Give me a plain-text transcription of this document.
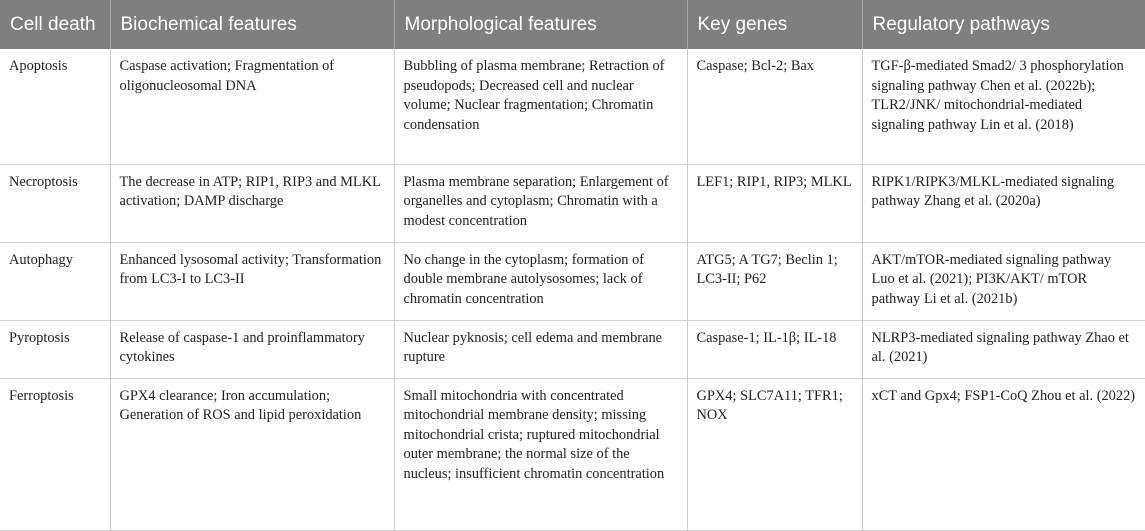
Cell death	Biochemical features	Morphological features	Key genes	Regulatory pathways
Apoptosis	Caspase activation; Fragmentation of oligonucleosomal DNA	Bubbling of plasma membrane; Retraction of pseudopods; Decreased cell and nuclear volume; Nuclear fragmentation; Chromatin condensation	Caspase; Bcl-2; Bax	TGF-β-mediated Smad2/ 3 phosphorylation signaling pathway Chen et al. (2022b); TLR2/JNK/ mitochondrial-mediated signaling pathway Lin et al. (2018)
Necroptosis	The decrease in ATP; RIP1, RIP3 and MLKL activation; DAMP discharge	Plasma membrane separation; Enlargement of organelles and cytoplasm; Chromatin with a modest concentration	LEF1; RIP1, RIP3; MLKL	RIPK1/RIPK3/MLKL-mediated signaling pathway Zhang et al. (2020a)
Autophagy	Enhanced lysosomal activity; Transformation from LC3-I to LC3-II	No change in the cytoplasm; formation of double membrane autolysosomes; lack of chromatin concentration	ATG5; A TG7; Beclin 1; LC3-II; P62	AKT/mTOR-mediated signaling pathway Luo et al. (2021); PI3K/AKT/ mTOR pathway Li et al. (2021b)
Pyroptosis	Release of caspase-1 and proinflammatory cytokines	Nuclear pyknosis; cell edema and membrane rupture	Caspase-1; IL-1β; IL-18	NLRP3-mediated signaling pathway Zhao et al. (2021)
Ferroptosis	GPX4 clearance; Iron accumulation; Generation of ROS and lipid peroxidation	Small mitochondria with concentrated mitochondrial membrane density; missing mitochondrial crista; ruptured mitochondrial outer membrane; the normal size of the nucleus; insufficient chromatin concentration	GPX4; SLC7A11; TFR1; NOX	xCT and Gpx4; FSP1-CoQ Zhou et al. (2022)
